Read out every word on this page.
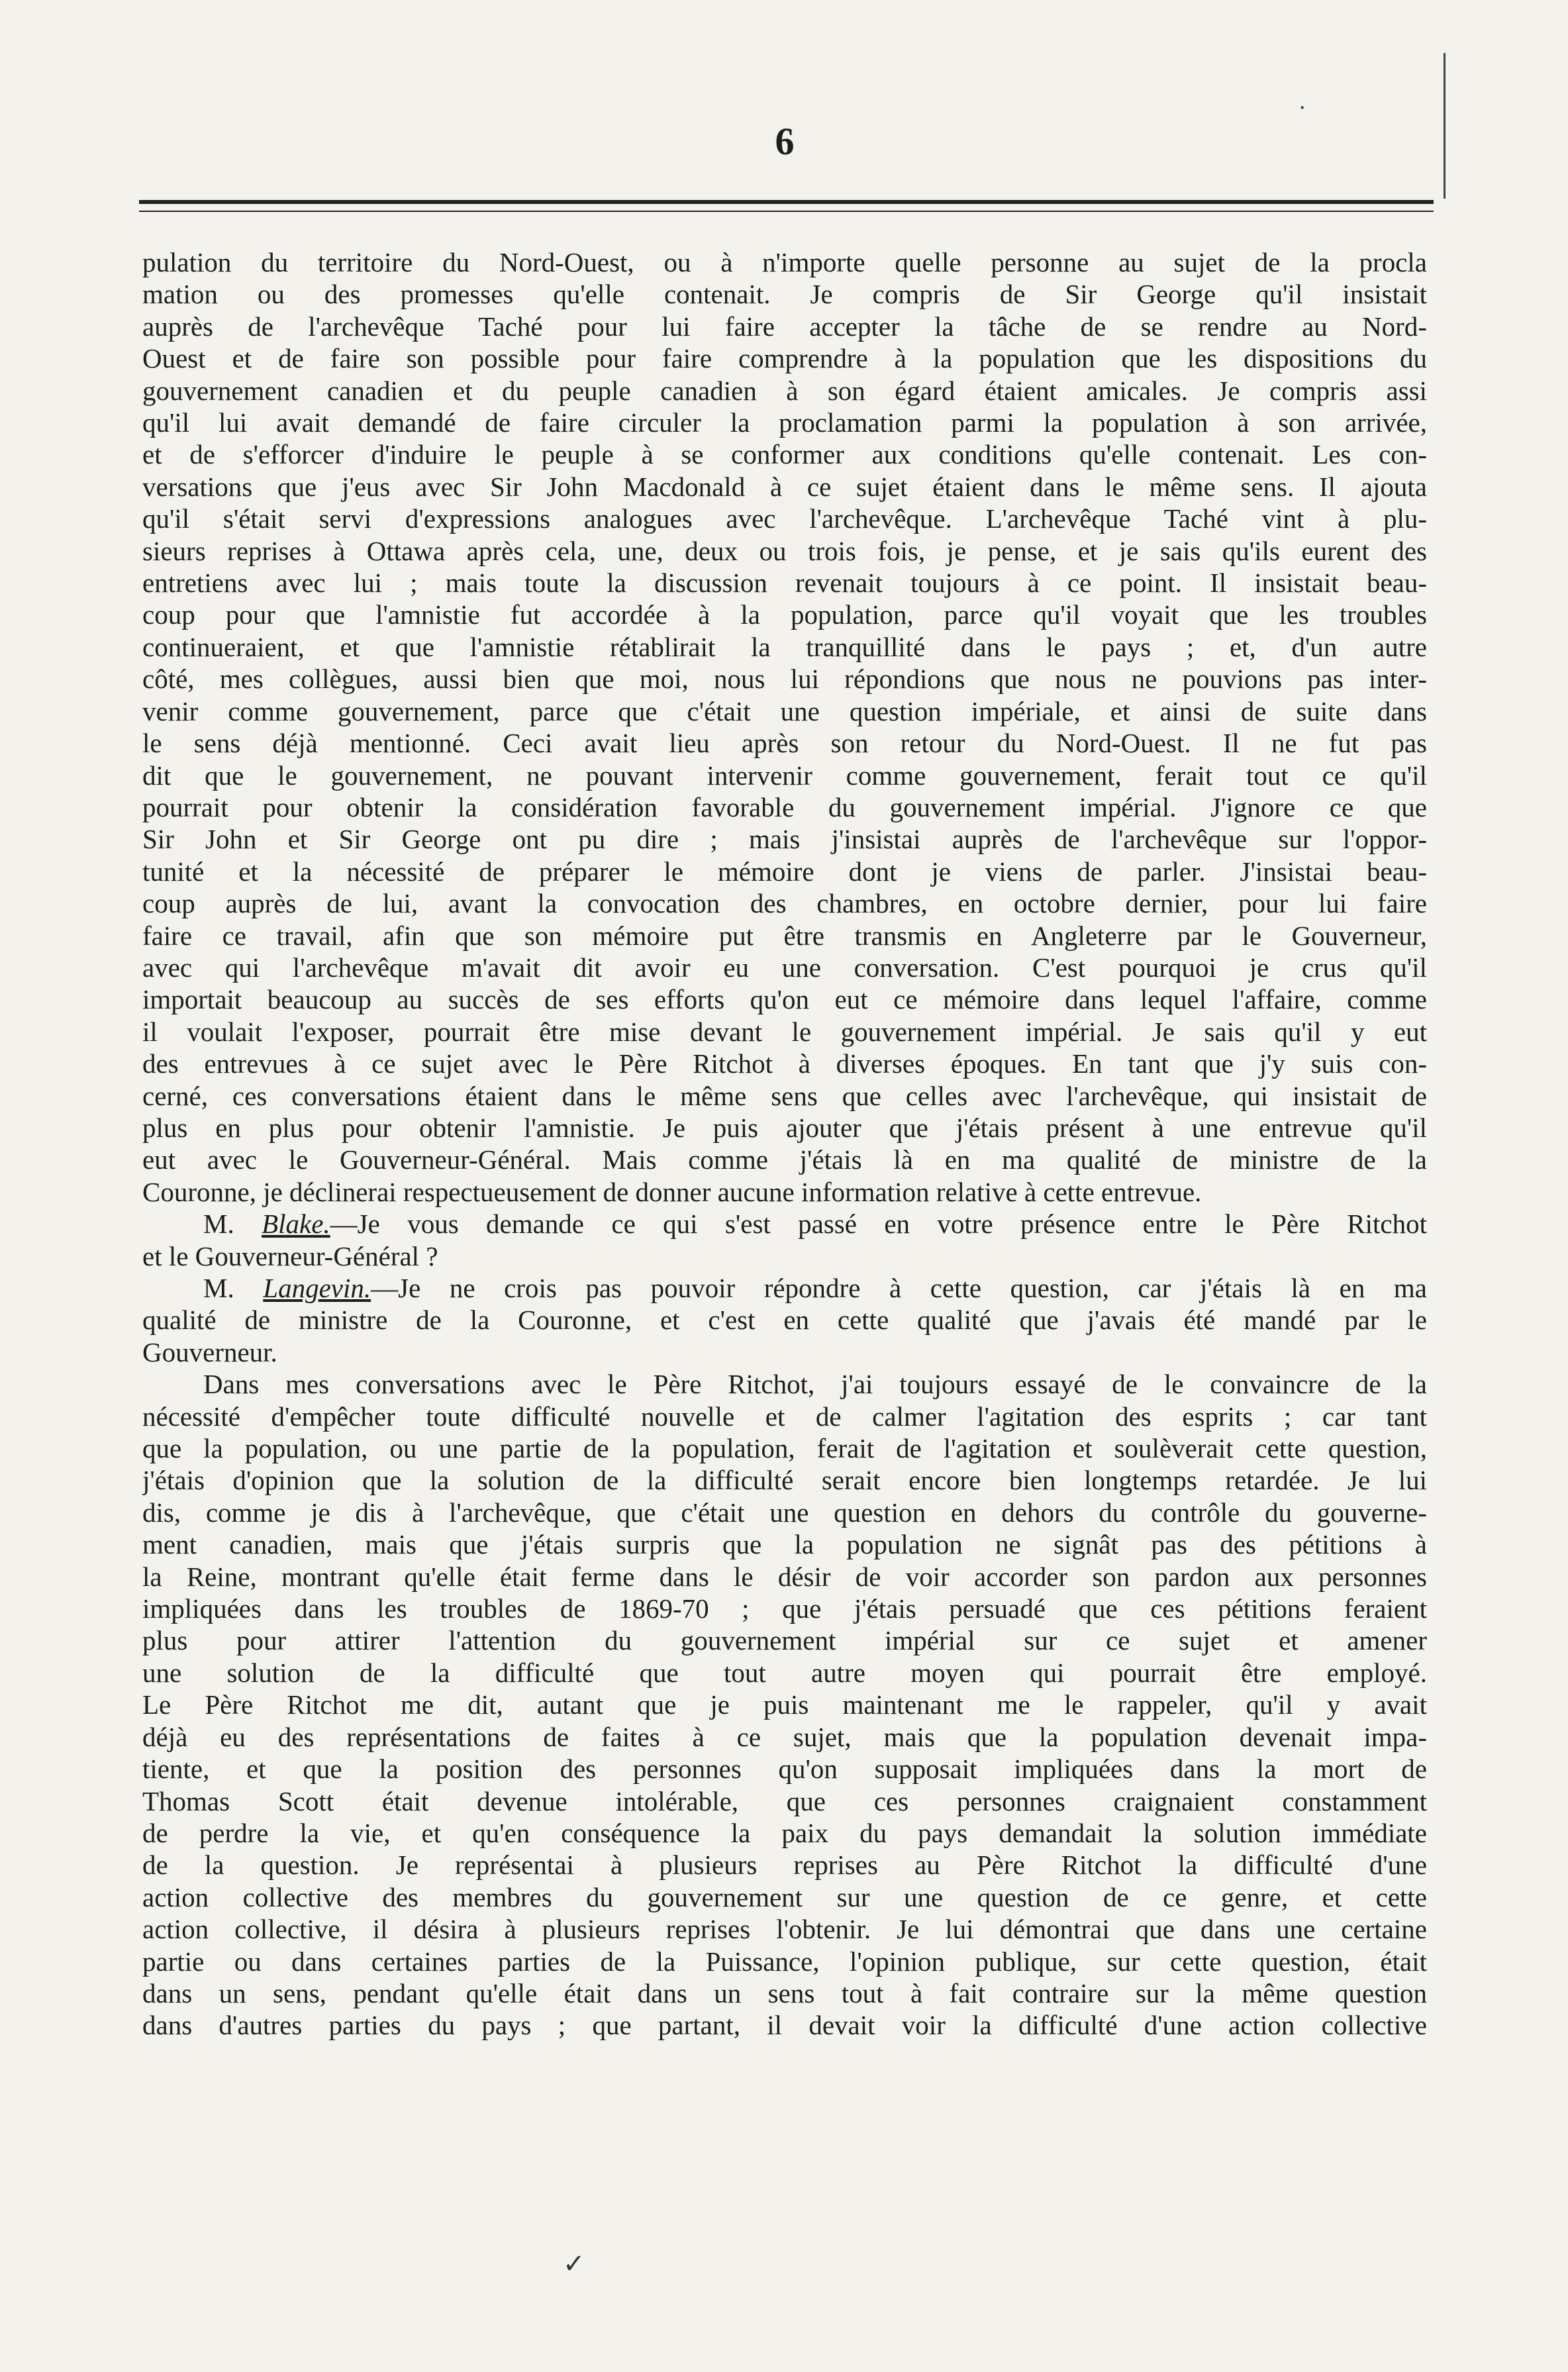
6
˙
pulation du territoire du Nord-Ouest, ou à n'importe quelle personne au sujet de la procla
mation ou des promesses qu'elle contenait. Je compris de Sir George qu'il insistait
auprès de l'archevêque Taché pour lui faire accepter la tâche de se rendre au Nord-
Ouest et de faire son possible pour faire comprendre à la population que les dispositions du
gouvernement canadien et du peuple canadien à son égard étaient amicales. Je compris assi
qu'il lui avait demandé de faire circuler la proclamation parmi la population à son arrivée,
et de s'efforcer d'induire le peuple à se conformer aux conditions qu'elle contenait. Les con-
versations que j'eus avec Sir John Macdonald à ce sujet étaient dans le même sens. Il ajouta
qu'il s'était servi d'expressions analogues avec l'archevêque. L'archevêque Taché vint à plu-
sieurs reprises à Ottawa après cela, une, deux ou trois fois, je pense, et je sais qu'ils eurent des
entretiens avec lui ; mais toute la discussion revenait toujours à ce point. Il insistait beau-
coup pour que l'amnistie fut accordée à la population, parce qu'il voyait que les troubles
continueraient, et que l'amnistie rétablirait la tranquillité dans le pays ; et, d'un autre
côté, mes collègues, aussi bien que moi, nous lui répondions que nous ne pouvions pas inter-
venir comme gouvernement, parce que c'était une question impériale, et ainsi de suite dans
le sens déjà mentionné. Ceci avait lieu après son retour du Nord-Ouest. Il ne fut pas
dit que le gouvernement, ne pouvant intervenir comme gouvernement, ferait tout ce qu'il
pourrait pour obtenir la considération favorable du gouvernement impérial. J'ignore ce que
Sir John et Sir George ont pu dire ; mais j'insistai auprès de l'archevêque sur l'oppor-
tunité et la nécessité de préparer le mémoire dont je viens de parler. J'insistai beau-
coup auprès de lui, avant la convocation des chambres, en octobre dernier, pour lui faire
faire ce travail, afin que son mémoire put être transmis en Angleterre par le Gouverneur,
avec qui l'archevêque m'avait dit avoir eu une conversation. C'est pourquoi je crus qu'il
importait beaucoup au succès de ses efforts qu'on eut ce mémoire dans lequel l'affaire, comme
il voulait l'exposer, pourrait être mise devant le gouvernement impérial. Je sais qu'il y eut
des entrevues à ce sujet avec le Père Ritchot à diverses époques. En tant que j'y suis con-
cerné, ces conversations étaient dans le même sens que celles avec l'archevêque, qui insistait de
plus en plus pour obtenir l'amnistie. Je puis ajouter que j'étais présent à une entrevue qu'il
eut avec le Gouverneur-Général. Mais comme j'étais là en ma qualité de ministre de la
Couronne, je déclinerai respectueusement de donner aucune information relative à cette entrevue.
M. Blake.—Je vous demande ce qui s'est passé en votre présence entre le Père Ritchot
et le Gouverneur-Général ?
M. Langevin.—Je ne crois pas pouvoir répondre à cette question, car j'étais là en ma
qualité de ministre de la Couronne, et c'est en cette qualité que j'avais été mandé par le
Gouverneur.
Dans mes conversations avec le Père Ritchot, j'ai toujours essayé de le convaincre de la
nécessité d'empêcher toute difficulté nouvelle et de calmer l'agitation des esprits ; car tant
que la population, ou une partie de la population, ferait de l'agitation et soulèverait cette question,
j'étais d'opinion que la solution de la difficulté serait encore bien longtemps retardée. Je lui
dis, comme je dis à l'archevêque, que c'était une question en dehors du contrôle du gouverne-
ment canadien, mais que j'étais surpris que la population ne signât pas des pétitions à
la Reine, montrant qu'elle était ferme dans le désir de voir accorder son pardon aux personnes
impliquées dans les troubles de 1869-70 ; que j'étais persuadé que ces pétitions feraient
plus pour attirer l'attention du gouvernement impérial sur ce sujet et amener
une solution de la difficulté que tout autre moyen qui pourrait être employé.
Le Père Ritchot me dit, autant que je puis maintenant me le rappeler, qu'il y avait
déjà eu des représentations de faites à ce sujet, mais que la population devenait impa-
tiente, et que la position des personnes qu'on supposait impliquées dans la mort de
Thomas Scott était devenue intolérable, que ces personnes craignaient constamment
de perdre la vie, et qu'en conséquence la paix du pays demandait la solution immédiate
de la question. Je représentai à plusieurs reprises au Père Ritchot la difficulté d'une
action collective des membres du gouvernement sur une question de ce genre, et cette
action collective, il désira à plusieurs reprises l'obtenir. Je lui démontrai que dans une certaine
partie ou dans certaines parties de la Puissance, l'opinion publique, sur cette question, était
dans un sens, pendant qu'elle était dans un sens tout à fait contraire sur la même question
dans d'autres parties du pays ; que partant, il devait voir la difficulté d'une action collective
✓
